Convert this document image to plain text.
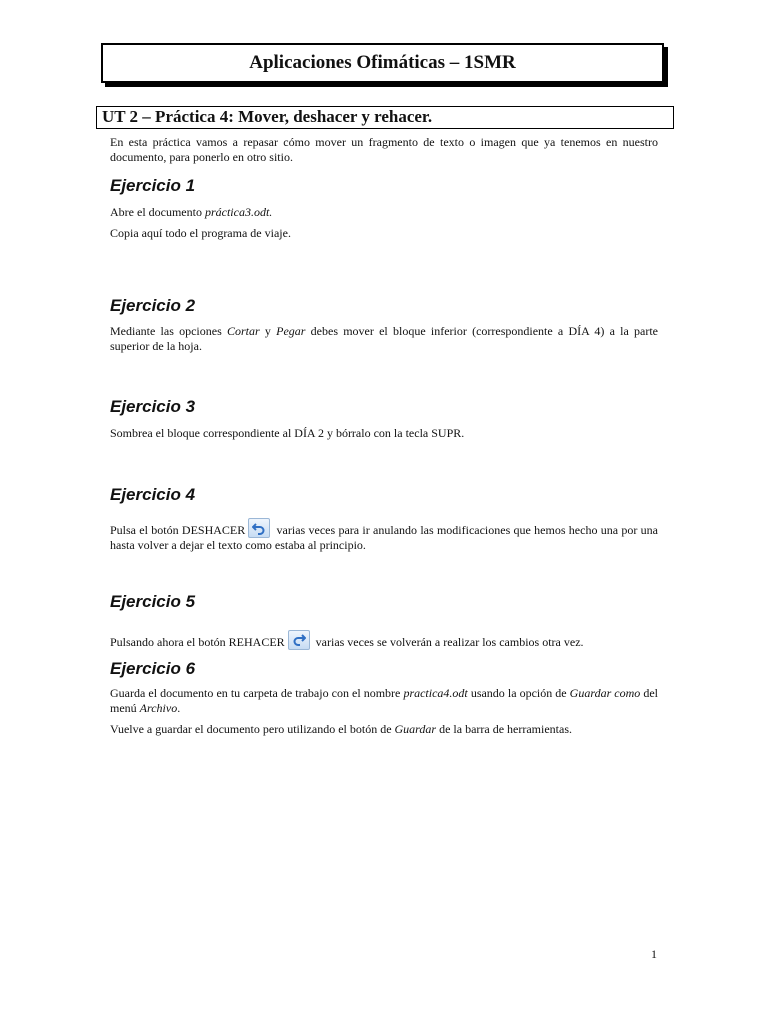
Aplicaciones Ofimáticas – 1SMR
UT 2 – Práctica 4: Mover, deshacer y rehacer.

En esta práctica vamos a repasar cómo mover un fragmento de texto o imagen que ya tenemos en nuestro documento, para ponerlo en otro sitio.

Ejercicio 1

Abre el documento práctica3.odt.

Copia aquí todo el programa de viaje.

Ejercicio 2

Mediante las opciones Cortar y Pegar debes mover el bloque inferior (correspondiente a DÍA 4) a la parte superior de la hoja.

Ejercicio 3

Sombrea el bloque correspondiente al DÍA 2 y bórralo con la tecla SUPR.

Ejercicio 4

Pulsa el botón DESHACER
varias veces para ir anulando las modificaciones que hemos hecho una por una hasta volver a dejar el texto como estaba al principio.

Ejercicio 5

Pulsando ahora el botón REHACER
varias veces se volverán a realizar los cambios otra vez.

Ejercicio 6

Guarda el documento en tu carpeta de trabajo con el nombre practica4.odt usando la opción de Guardar como del menú Archivo.

Vuelve a guardar el documento pero utilizando el botón de Guardar de la barra de herramientas.

1
